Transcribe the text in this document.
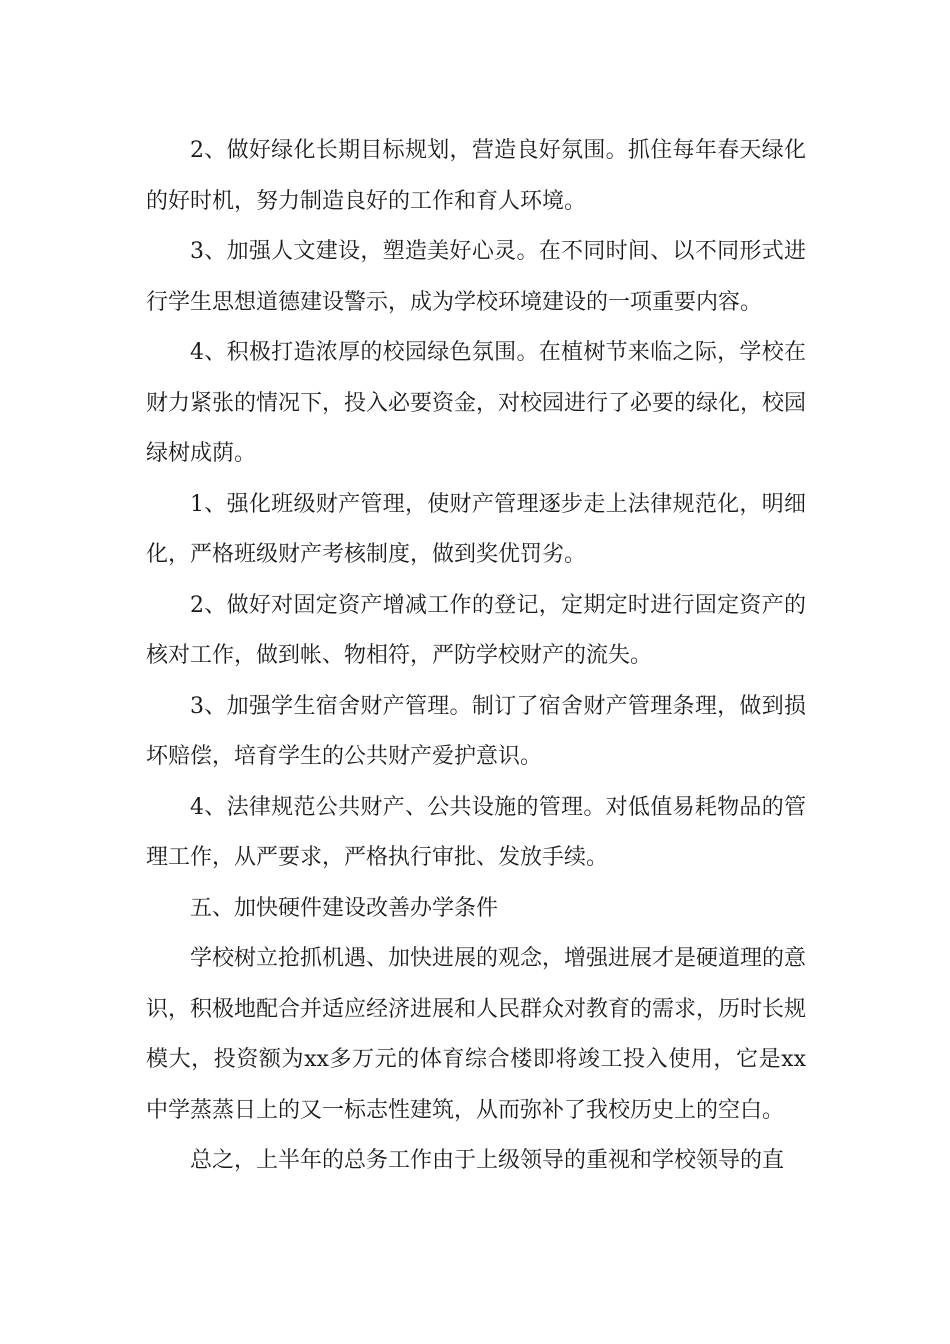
2、做好绿化长期目标规划，营造良好氛围。抓住每年春天绿化的好时机，努力制造良好的工作和育人环境。

3、加强人文建设，塑造美好心灵。在不同时间、以不同形式进行学生思想道德建设警示，成为学校环境建设的一项重要内容。

4、积极打造浓厚的校园绿色氛围。在植树节来临之际，学校在财力紧张的情况下，投入必要资金，对校园进行了必要的绿化，校园绿树成荫。

1、强化班级财产管理，使财产管理逐步走上法律规范化，明细化，严格班级财产考核制度，做到奖优罚劣。

2、做好对固定资产增减工作的登记，定期定时进行固定资产的核对工作，做到帐、物相符，严防学校财产的流失。

3、加强学生宿舍财产管理。制订了宿舍财产管理条理，做到损坏赔偿，培育学生的公共财产爱护意识。

4、法律规范公共财产、公共设施的管理。对低值易耗物品的管理工作，从严要求，严格执行审批、发放手续。

五、加快硬件建设改善办学条件

学校树立抢抓机遇、加快进展的观念，增强进展才是硬道理的意识，积极地配合并适应经济进展和人民群众对教育的需求，历时长规模大，投资额为xx多万元的体育综合楼即将竣工投入使用，它是xx中学蒸蒸日上的又一标志性建筑，从而弥补了我校历史上的空白。

总之，上半年的总务工作由于上级领导的重视和学校领导的直
